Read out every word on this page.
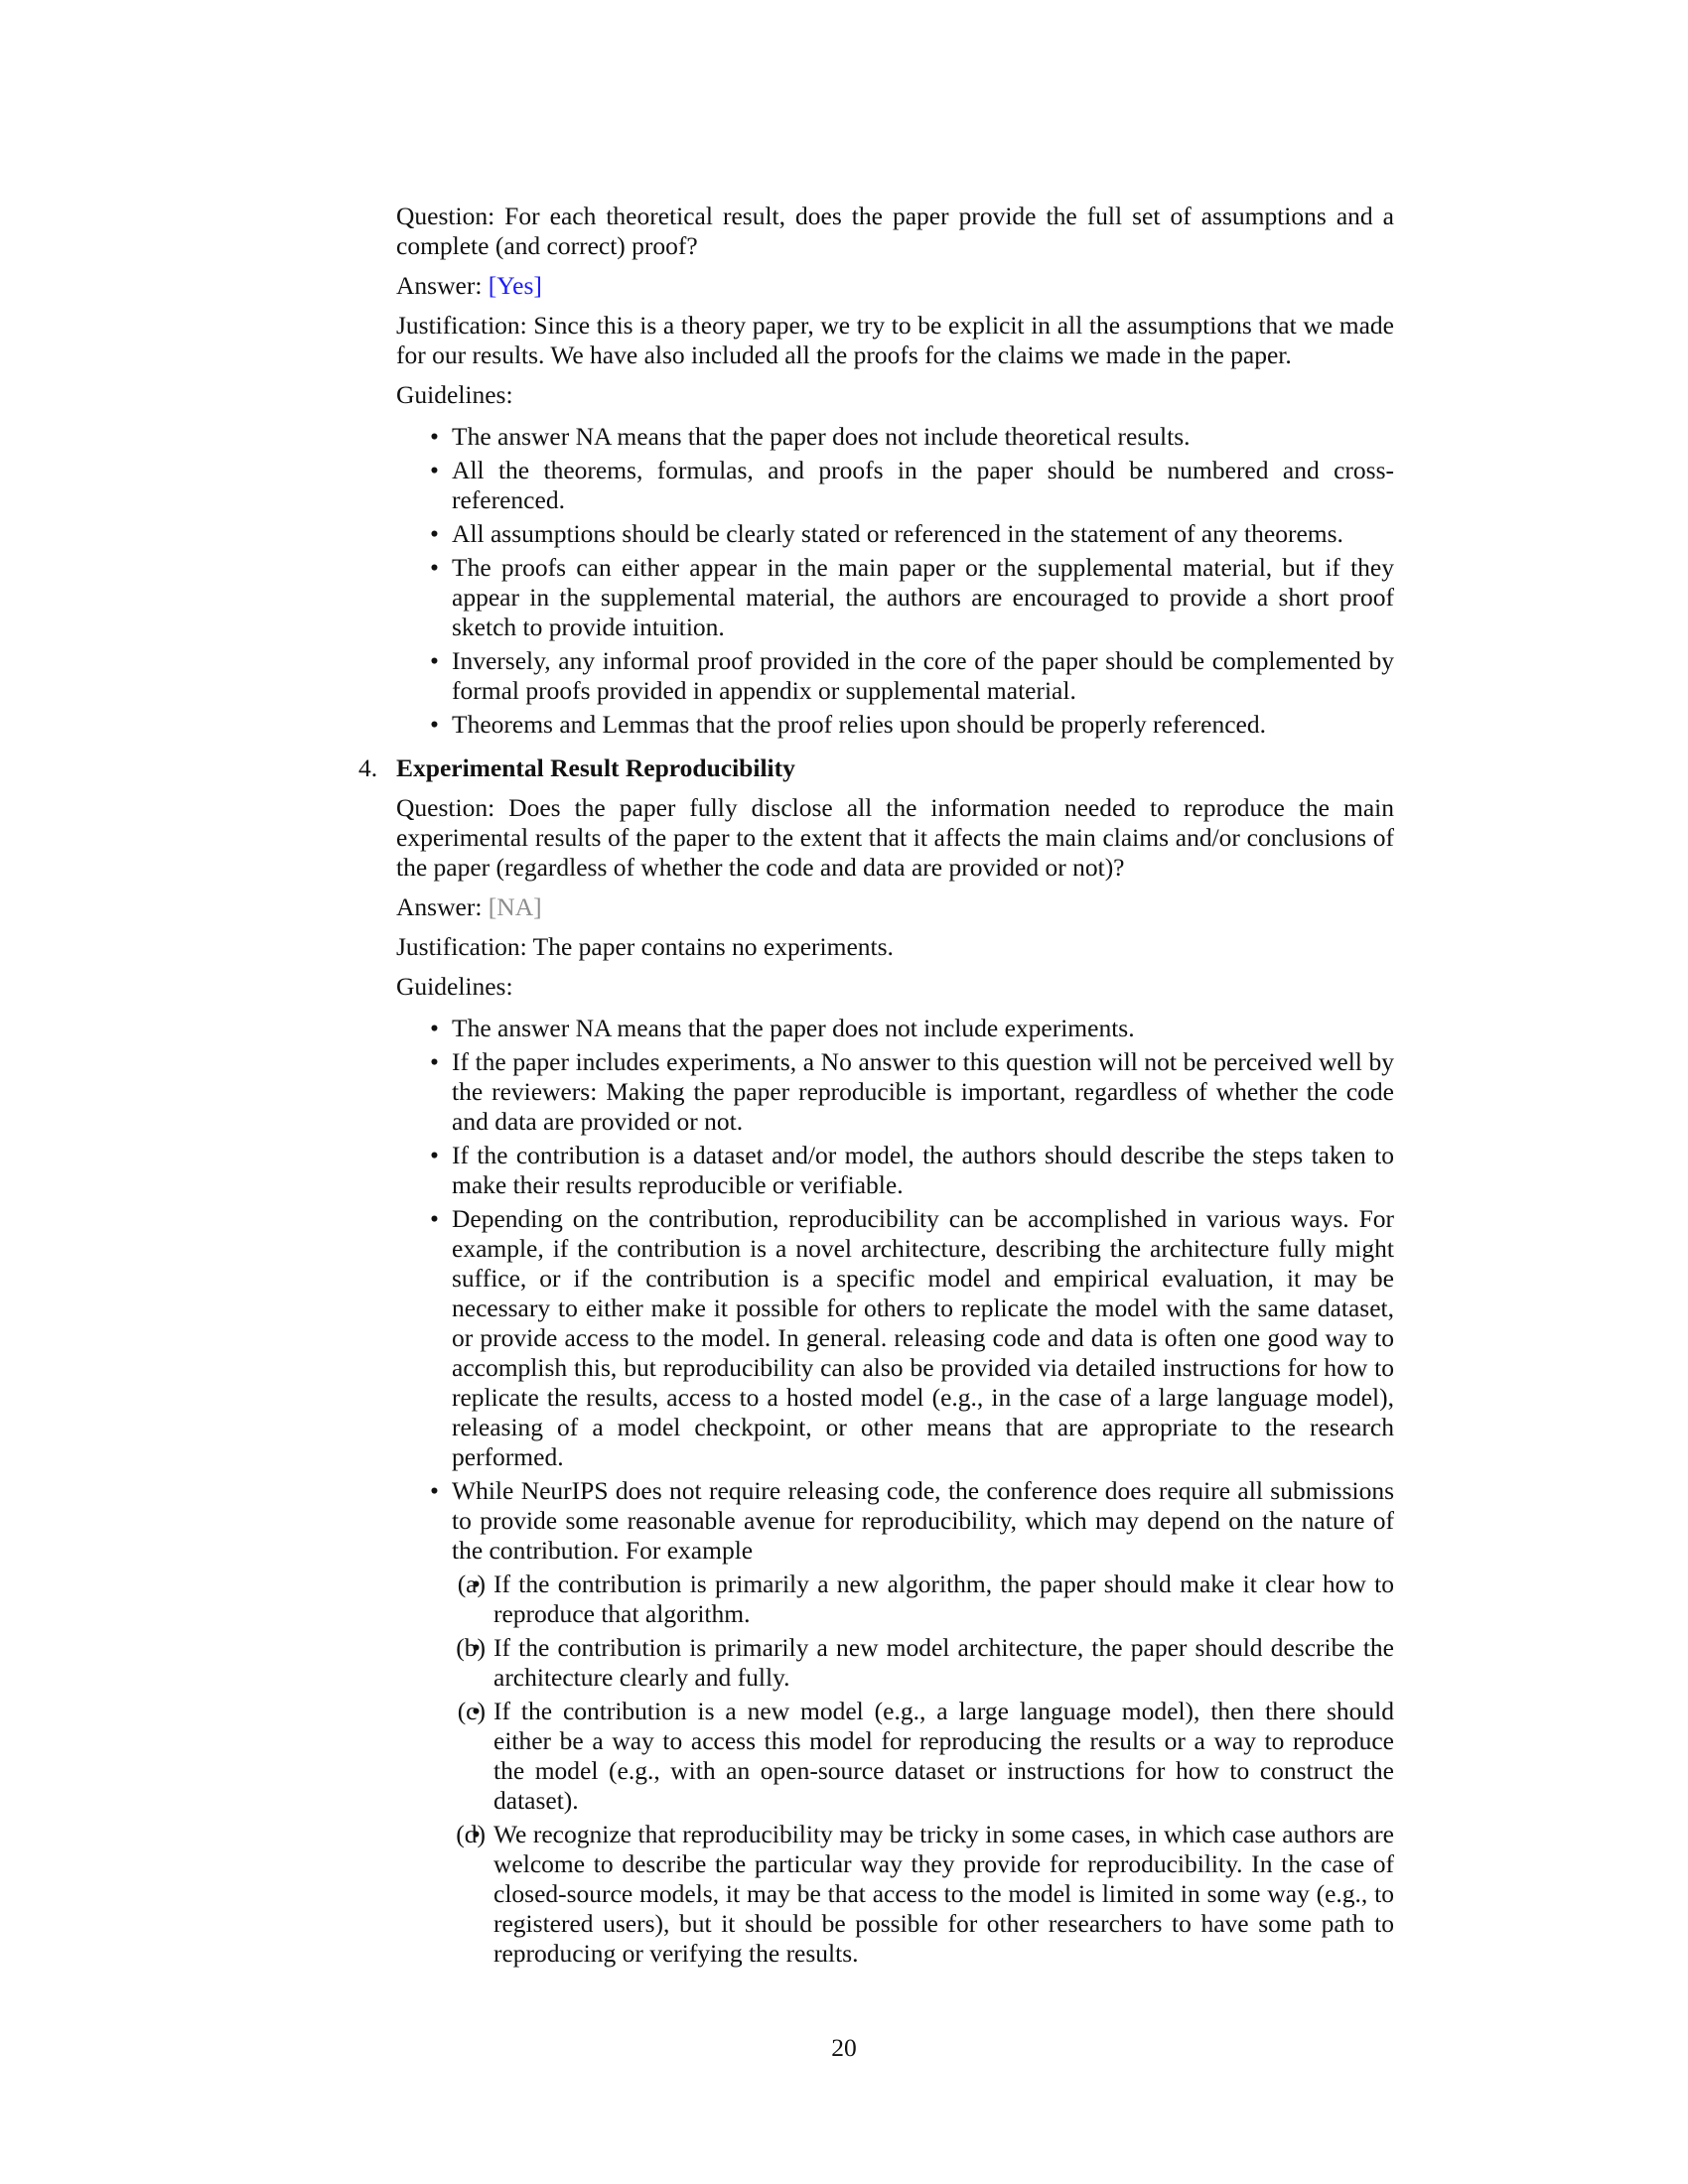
Question: For each theoretical result, does the paper provide the full set of assumptions and a complete (and correct) proof?

Answer: [Yes]

Justification: Since this is a theory paper, we try to be explicit in all the assumptions that we made for our results. We have also included all the proofs for the claims we made in the paper.

Guidelines:

• The answer NA means that the paper does not include theoretical results.
• All the theorems, formulas, and proofs in the paper should be numbered and cross-referenced.
• All assumptions should be clearly stated or referenced in the statement of any theorems.
• The proofs can either appear in the main paper or the supplemental material, but if they appear in the supplemental material, the authors are encouraged to provide a short proof sketch to provide intuition.
• Inversely, any informal proof provided in the core of the paper should be complemented by formal proofs provided in appendix or supplemental material.
• Theorems and Lemmas that the proof relies upon should be properly referenced.
4. Experimental Result Reproducibility

Question: Does the paper fully disclose all the information needed to reproduce the main experimental results of the paper to the extent that it affects the main claims and/or conclusions of the paper (regardless of whether the code and data are provided or not)?

Answer: [NA]

Justification: The paper contains no experiments.

Guidelines:

• The answer NA means that the paper does not include experiments.
• If the paper includes experiments, a No answer to this question will not be perceived well by the reviewers: Making the paper reproducible is important, regardless of whether the code and data are provided or not.
• If the contribution is a dataset and/or model, the authors should describe the steps taken to make their results reproducible or verifiable.
• Depending on the contribution, reproducibility can be accomplished in various ways. For example, if the contribution is a novel architecture, describing the architecture fully might suffice, or if the contribution is a specific model and empirical evaluation, it may be necessary to either make it possible for others to replicate the model with the same dataset, or provide access to the model. In general. releasing code and data is often one good way to accomplish this, but reproducibility can also be provided via detailed instructions for how to replicate the results, access to a hosted model (e.g., in the case of a large language model), releasing of a model checkpoint, or other means that are appropriate to the research performed.
• While NeurIPS does not require releasing code, the conference does require all submissions to provide some reasonable avenue for reproducibility, which may depend on the nature of the contribution. For example
• (a) If the contribution is primarily a new algorithm, the paper should make it clear how to reproduce that algorithm.
• (b) If the contribution is primarily a new model architecture, the paper should describe the architecture clearly and fully.
• (c) If the contribution is a new model (e.g., a large language model), then there should either be a way to access this model for reproducing the results or a way to reproduce the model (e.g., with an open-source dataset or instructions for how to construct the dataset).
• (d) We recognize that reproducibility may be tricky in some cases, in which case authors are welcome to describe the particular way they provide for reproducibility. In the case of closed-source models, it may be that access to the model is limited in some way (e.g., to registered users), but it should be possible for other researchers to have some path to reproducing or verifying the results.
20
